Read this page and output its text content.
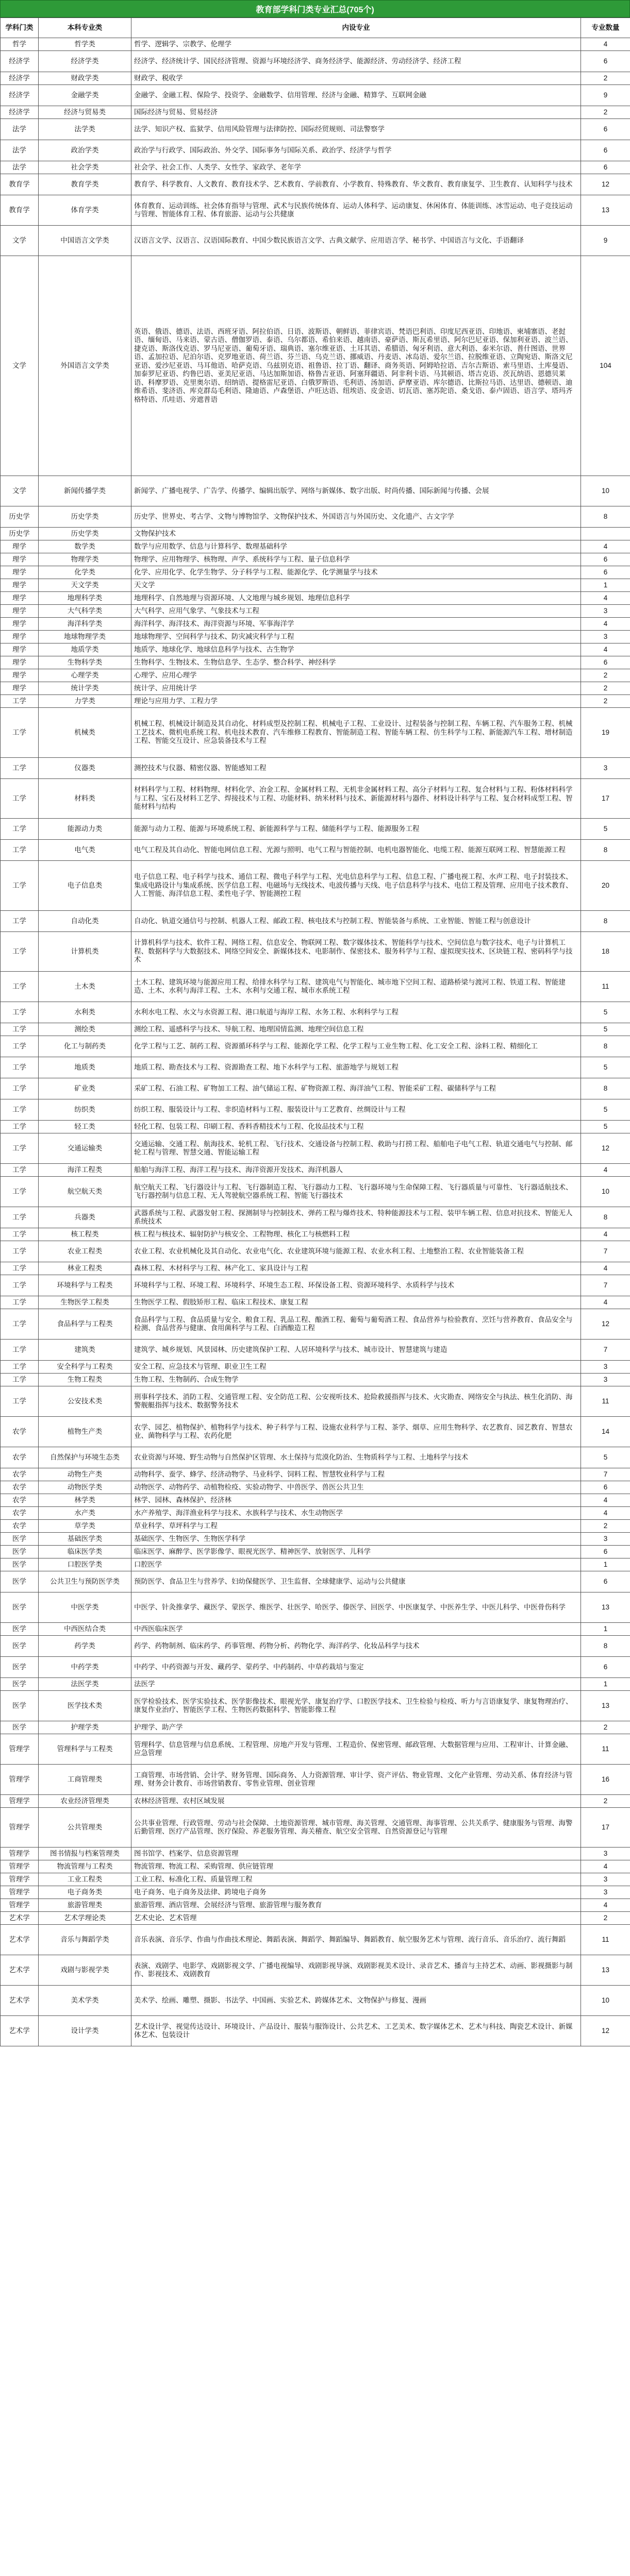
教育部学科门类专业汇总(705个)
学科门类	本科专业类	内设专业	专业数量
哲学	哲学类	哲学、逻辑学、宗教学、伦理学	4
经济学	经济学类	经济学、经济统计学、国民经济管理、资源与环境经济学、商务经济学、能源经济、劳动经济学、经济工程	6
经济学	财政学类	财政学、税收学	2
经济学	金融学类	金融学、金融工程、保险学、投资学、金融数学、信用管理、经济与金融、精算学、互联网金融	9
经济学	经济与贸易类	国际经济与贸易、贸易经济	2
法学	法学类	法学、知识产权、监狱学、信用风险管理与法律防控、国际经贸规则、司法警察学	6
法学	政治学类	政治学与行政学、国际政治、外交学、国际事务与国际关系、政治学、经济学与哲学	6
法学	社会学类	社会学、社会工作、人类学、女性学、家政学、老年学	6
教育学	教育学类	教育学、科学教育、人文教育、教育技术学、艺术教育、学前教育、小学教育、特殊教育、华文教育、教育康复学、卫生教育、认知科学与技术	12
教育学	体育学类	体育教育、运动训练、社会体育指导与管理、武术与民族传统体育、运动人体科学、运动康复、休闲体育、体能训练、冰雪运动、电子竞技运动与管理、智能体育工程、体育旅游、运动与公共健康	13
文学	中国语言文学类	汉语言文学、汉语言、汉语国际教育、中国少数民族语言文学、古典文献学、应用语言学、秘书学、中国语言与文化、手语翻译	9
文学	外国语言文学类	英语、俄语、德语、法语、西班牙语、阿拉伯语、日语、波斯语、朝鲜语、菲律宾语、梵语巴利语、印度尼西亚语、印地语、柬埔寨语、老挝语、缅甸语、马来语、蒙古语、僧伽罗语、泰语、乌尔都语、希伯来语、越南语、豪萨语、斯瓦希里语、阿尔巴尼亚语、保加利亚语、波兰语、捷克语、斯洛伐克语、罗马尼亚语、葡萄牙语、瑞典语、塞尔维亚语、土耳其语、希腊语、匈牙利语、意大利语、泰米尔语、普什图语、世界语、孟加拉语、尼泊尔语、克罗地亚语、荷兰语、芬兰语、乌克兰语、挪威语、丹麦语、冰岛语、爱尔兰语、拉脱维亚语、立陶宛语、斯洛文尼亚语、爱沙尼亚语、马耳他语、哈萨克语、乌兹别克语、祖鲁语、拉丁语、翻译、商务英语、阿姆哈拉语、吉尔吉斯语、索马里语、土库曼语、加泰罗尼亚语、约鲁巴语、亚美尼亚语、马达加斯加语、格鲁吉亚语、阿塞拜疆语、阿非利卡语、马其顿语、塔吉克语、茨瓦纳语、恩德贝莱语、科摩罗语、克里奥尔语、绍纳语、提格雷尼亚语、白俄罗斯语、毛利语、汤加语、萨摩亚语、库尔德语、比斯拉马语、达里语、德顿语、迪维希语、斐济语、库克群岛毛利语、隆迪语、卢森堡语、卢旺达语、纽埃语、皮金语、切瓦语、塞苏陀语、桑戈语、泰卢固语、语言学、塔玛齐格特语、爪哇语、旁遮普语	104
文学	新闻传播学类	新闻学、广播电视学、广告学、传播学、编辑出版学、网络与新媒体、数字出版、时尚传播、国际新闻与传播、会展	10
历史学	历史学类	历史学、世界史、考古学、文物与博物馆学、文物保护技术、外国语言与外国历史、文化遗产、古文字学	8
历史学	历史学类	文物保护技术	
理学	数学类	数学与应用数学、信息与计算科学、数理基础科学	4
理学	物理学类	物理学、应用物理学、核物理、声学、系统科学与工程、量子信息科学	6
理学	化学类	化学、应用化学、化学生物学、分子科学与工程、能源化学、化学测量学与技术	6
理学	天文学类	天文学	1
理学	地理科学类	地理科学、自然地理与资源环境、人文地理与城乡规划、地理信息科学	4
理学	大气科学类	大气科学、应用气象学、气象技术与工程	3
理学	海洋科学类	海洋科学、海洋技术、海洋资源与环境、军事海洋学	4
理学	地球物理学类	地球物理学、空间科学与技术、防灾减灾科学与工程	3
理学	地质学类	地质学、地球化学、地球信息科学与技术、古生物学	4
理学	生物科学类	生物科学、生物技术、生物信息学、生态学、整合科学、神经科学	6
理学	心理学类	心理学、应用心理学	2
理学	统计学类	统计学、应用统计学	2
工学	力学类	理论与应用力学、工程力学	2
工学	机械类	机械工程、机械设计制造及其自动化、材料成型及控制工程、机械电子工程、工业设计、过程装备与控制工程、车辆工程、汽车服务工程、机械工艺技术、微机电系统工程、机电技术教育、汽车维修工程教育、智能制造工程、智能车辆工程、仿生科学与工程、新能源汽车工程、增材制造工程、智能交互设计、应急装备技术与工程	19
工学	仪器类	测控技术与仪器、精密仪器、智能感知工程	3
工学	材料类	材料科学与工程、材料物理、材料化学、冶金工程、金属材料工程、无机非金属材料工程、高分子材料与工程、复合材料与工程、粉体材料科学与工程、宝石及材料工艺学、焊接技术与工程、功能材料、纳米材料与技术、新能源材料与器件、材料设计科学与工程、复合材料成型工程、智能材料与结构	17
工学	能源动力类	能源与动力工程、能源与环境系统工程、新能源科学与工程、储能科学与工程、能源服务工程	5
工学	电气类	电气工程及其自动化、智能电网信息工程、光源与照明、电气工程与智能控制、电机电器智能化、电缆工程、能源互联网工程、智慧能源工程	8
工学	电子信息类	电子信息工程、电子科学与技术、通信工程、微电子科学与工程、光电信息科学与工程、信息工程、广播电视工程、水声工程、电子封装技术、集成电路设计与集成系统、医学信息工程、电磁场与无线技术、电波传播与天线、电子信息科学与技术、电信工程及管理、应用电子技术教育、人工智能、海洋信息工程、柔性电子学、智能测控工程	20
工学	自动化类	自动化、轨道交通信号与控制、机器人工程、邮政工程、核电技术与控制工程、智能装备与系统、工业智能、智能工程与创意设计	8
工学	计算机类	计算机科学与技术、软件工程、网络工程、信息安全、物联网工程、数字媒体技术、智能科学与技术、空间信息与数字技术、电子与计算机工程、数据科学与大数据技术、网络空间安全、新媒体技术、电影制作、保密技术、服务科学与工程、虚拟现实技术、区块链工程、密码科学与技术	18
工学	土木类	土木工程、建筑环境与能源应用工程、给排水科学与工程、建筑电气与智能化、城市地下空间工程、道路桥梁与渡河工程、铁道工程、智能建造、土木、水利与海洋工程、土木、水利与交通工程、城市水系统工程	11
工学	水利类	水利水电工程、水文与水资源工程、港口航道与海岸工程、水务工程、水利科学与工程	5
工学	测绘类	测绘工程、遥感科学与技术、导航工程、地理国情监测、地理空间信息工程	5
工学	化工与制药类	化学工程与工艺、制药工程、资源循环科学与工程、能源化学工程、化学工程与工业生物工程、化工安全工程、涂料工程、精细化工	8
工学	地质类	地质工程、勘查技术与工程、资源勘查工程、地下水科学与工程、旅游地学与规划工程	5
工学	矿业类	采矿工程、石油工程、矿物加工工程、油气储运工程、矿物资源工程、海洋油气工程、智能采矿工程、碳储科学与工程	8
工学	纺织类	纺织工程、服装设计与工程、非织造材料与工程、服装设计与工艺教育、丝绸设计与工程	5
工学	轻工类	轻化工程、包装工程、印刷工程、香料香精技术与工程、化妆品技术与工程	5
工学	交通运输类	交通运输、交通工程、航海技术、轮机工程、飞行技术、交通设备与控制工程、救助与打捞工程、船舶电子电气工程、轨道交通电气与控制、邮轮工程与管理、智慧交通、智能运输工程	12
工学	海洋工程类	船舶与海洋工程、海洋工程与技术、海洋资源开发技术、海洋机器人	4
工学	航空航天类	航空航天工程、飞行器设计与工程、飞行器制造工程、飞行器动力工程、飞行器环境与生命保障工程、飞行器质量与可靠性、飞行器适航技术、飞行器控制与信息工程、无人驾驶航空器系统工程、智能飞行器技术	10
工学	兵器类	武器系统与工程、武器发射工程、探测制导与控制技术、弹药工程与爆炸技术、特种能源技术与工程、装甲车辆工程、信息对抗技术、智能无人系统技术	8
工学	核工程类	核工程与核技术、辐射防护与核安全、工程物理、核化工与核燃料工程	4
工学	农业工程类	农业工程、农业机械化及其自动化、农业电气化、农业建筑环境与能源工程、农业水利工程、土地整治工程、农业智能装备工程	7
工学	林业工程类	森林工程、木材科学与工程、林产化工、家具设计与工程	4
工学	环境科学与工程类	环境科学与工程、环境工程、环境科学、环境生态工程、环保设备工程、资源环境科学、水质科学与技术	7
工学	生物医学工程类	生物医学工程、假肢矫形工程、临床工程技术、康复工程	4
工学	食品科学与工程类	食品科学与工程、食品质量与安全、粮食工程、乳品工程、酿酒工程、葡萄与葡萄酒工程、食品营养与检验教育、烹饪与营养教育、食品安全与检测、食品营养与健康、食用菌科学与工程、白酒酿造工程	12
工学	建筑类	建筑学、城乡规划、风景园林、历史建筑保护工程、人居环境科学与技术、城市设计、智慧建筑与建造	7
工学	安全科学与工程类	安全工程、应急技术与管理、职业卫生工程	3
工学	生物工程类	生物工程、生物制药、合成生物学	3
工学	公安技术类	刑事科学技术、消防工程、交通管理工程、安全防范工程、公安视听技术、抢险救援指挥与技术、火灾勘查、网络安全与执法、核生化消防、海警舰艇指挥与技术、数据警务技术	11
农学	植物生产类	农学、园艺、植物保护、植物科学与技术、种子科学与工程、设施农业科学与工程、茶学、烟草、应用生物科学、农艺教育、园艺教育、智慧农业、菌物科学与工程、农药化肥	14
农学	自然保护与环境生态类	农业资源与环境、野生动物与自然保护区管理、水土保持与荒漠化防治、生物质科学与工程、土地科学与技术	5
农学	动物生产类	动物科学、蚕学、蜂学、经济动物学、马业科学、饲料工程、智慧牧业科学与工程	7
农学	动物医学类	动物医学、动物药学、动植物检疫、实验动物学、中兽医学、兽医公共卫生	6
农学	林学类	林学、园林、森林保护、经济林	4
农学	水产类	水产养殖学、海洋渔业科学与技术、水族科学与技术、水生动物医学	4
农学	草学类	草业科学、草坪科学与工程	2
医学	基础医学类	基础医学、生物医学、生物医学科学	3
医学	临床医学类	临床医学、麻醉学、医学影像学、眼视光医学、精神医学、放射医学、儿科学	6
医学	口腔医学类	口腔医学	1
医学	公共卫生与预防医学类	预防医学、食品卫生与营养学、妇幼保健医学、卫生监督、全球健康学、运动与公共健康	6
医学	中医学类	中医学、针灸推拿学、藏医学、蒙医学、维医学、壮医学、哈医学、傣医学、回医学、中医康复学、中医养生学、中医儿科学、中医骨伤科学	13
医学	中西医结合类	中西医临床医学	1
医学	药学类	药学、药物制剂、临床药学、药事管理、药物分析、药物化学、海洋药学、化妆品科学与技术	8
医学	中药学类	中药学、中药资源与开发、藏药学、蒙药学、中药制药、中草药栽培与鉴定	6
医学	法医学类	法医学	1
医学	医学技术类	医学检验技术、医学实验技术、医学影像技术、眼视光学、康复治疗学、口腔医学技术、卫生检验与检疫、听力与言语康复学、康复物理治疗、康复作业治疗、智能医学工程、生物医药数据科学、智能影像工程	13
医学	护理学类	护理学、助产学	2
管理学	管理科学与工程类	管理科学、信息管理与信息系统、工程管理、房地产开发与管理、工程造价、保密管理、邮政管理、大数据管理与应用、工程审计、计算金融、应急管理	11
管理学	工商管理类	工商管理、市场营销、会计学、财务管理、国际商务、人力资源管理、审计学、资产评估、物业管理、文化产业管理、劳动关系、体育经济与管理、财务会计教育、市场营销教育、零售业管理、创业管理	16
管理学	农业经济管理类	农林经济管理、农村区域发展	2
管理学	公共管理类	公共事业管理、行政管理、劳动与社会保障、土地资源管理、城市管理、海关管理、交通管理、海事管理、公共关系学、健康服务与管理、海警后勤管理、医疗产品管理、医疗保险、养老服务管理、海关稽查、航空安全管理、自然资源登记与管理	17
管理学	图书情报与档案管理类	图书馆学、档案学、信息资源管理	3
管理学	物流管理与工程类	物流管理、物流工程、采购管理、供应链管理	4
管理学	工业工程类	工业工程、标准化工程、质量管理工程	3
管理学	电子商务类	电子商务、电子商务及法律、跨境电子商务	3
管理学	旅游管理类	旅游管理、酒店管理、会展经济与管理、旅游管理与服务教育	4
艺术学	艺术学理论类	艺术史论、艺术管理	2
艺术学	音乐与舞蹈学类	音乐表演、音乐学、作曲与作曲技术理论、舞蹈表演、舞蹈学、舞蹈编导、舞蹈教育、航空服务艺术与管理、流行音乐、音乐治疗、流行舞蹈	11
艺术学	戏剧与影视学类	表演、戏剧学、电影学、戏剧影视文学、广播电视编导、戏剧影视导演、戏剧影视美术设计、录音艺术、播音与主持艺术、动画、影视摄影与制作、影视技术、戏剧教育	13
艺术学	美术学类	美术学、绘画、雕塑、摄影、书法学、中国画、实验艺术、跨媒体艺术、文物保护与修复、漫画	10
艺术学	设计学类	艺术设计学、视觉传达设计、环境设计、产品设计、服装与服饰设计、公共艺术、工艺美术、数字媒体艺术、艺术与科技、陶瓷艺术设计、新媒体艺术、包装设计	12
